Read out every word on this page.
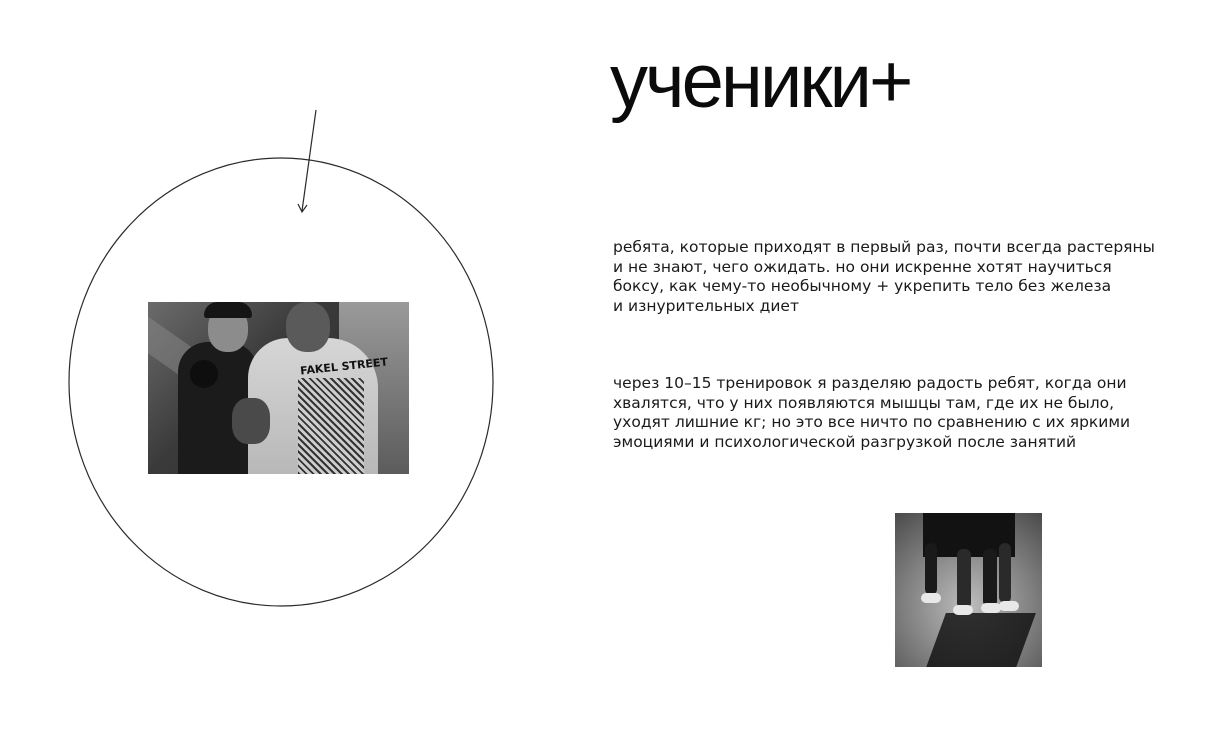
FAKEL STREET
ученики+

ребята, которые приходят в первый раз, почти всегда растеряны
и не знают, чего ожидать. но они искренне хотят научиться
боксу, как чему-то необычному + укрепить тело без железа
и изнурительных диет

через 10–15 тренировок я разделяю радость ребят, когда они
хвалятся, что у них появляются мышцы там, где их не было,
уходят лишние кг; но это все ничто по сравнению с их яркими
эмоциями и психологической разгрузкой после занятий
